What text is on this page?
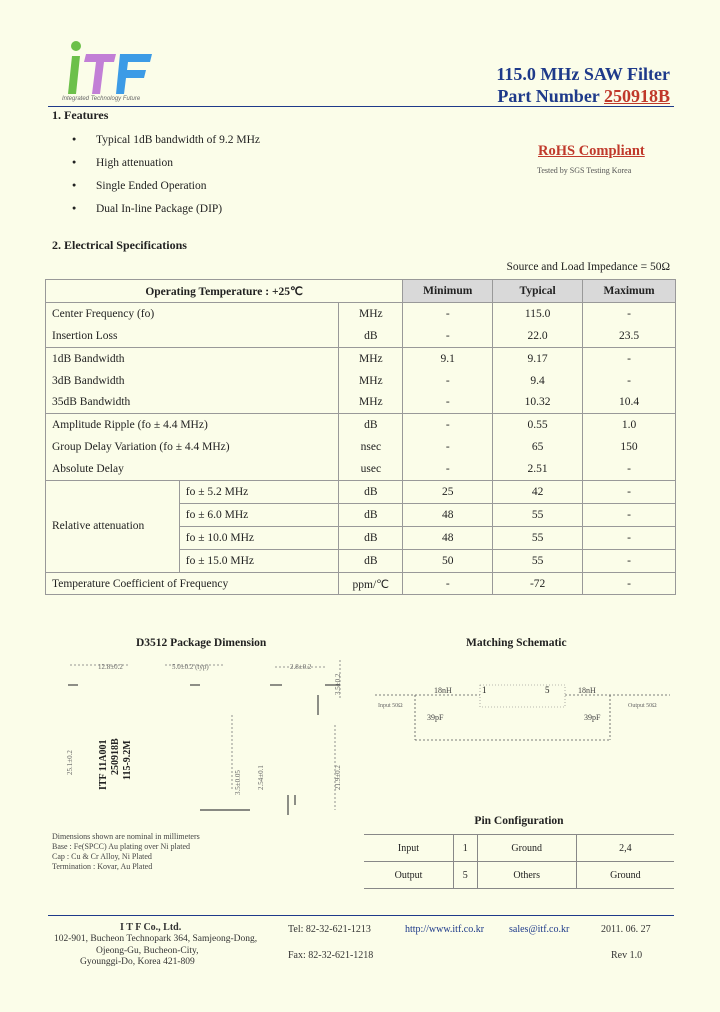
Integrated Technology Future
115.0 MHz SAW Filter
Part Number 250918B
1. Features
● Typical 1dB bandwidth of 9.2 MHz
● High attenuation
● Single Ended Operation
● Dual In-line Package (DIP)
RoHS Compliant
Tested by SGS Testing Korea
2. Electrical Specifications
Source and Load Impedance = 50Ω
Operating Temperature : +25℃			Minimum	Typical	Maximum
Center Frequency (fo)		MHz	-	115.0	-
Insertion Loss		dB	-	22.0	23.5
1dB Bandwidth		MHz	9.1	9.17	-
3dB Bandwidth		MHz	-	9.4	-
35dB Bandwidth		MHz	-	10.32	10.4
Amplitude Ripple (fo ± 4.4 MHz)		dB	-	0.55	1.0
Group Delay Variation (fo ± 4.4 MHz)		nsec	-	65	150
Absolute Delay		usec	-	2.51	-
Relative attenuation	fo ± 5.2 MHz	dB	25	42	-
	fo ± 6.0 MHz	dB	48	55	-
	fo ± 10.0 MHz	dB	48	55	-
	fo ± 15.0 MHz	dB	50	55	-
Temperature Coefficient of Frequency		ppm/℃	-	-72	-
D3512 Package Dimension
12.8±0.2	5.0±0.2 (typ)	2.8±0.2
3.5±0.2
25.1±0.2
21.9±0.2
3.5±0.05 2.54±0.1
ITF 11A001 250918B 115-9.2M
Dimensions shown are nominal in millimeters
Base : Fe(SPCC) Au plating over Ni plated
Cap : Cu & Cr Alloy, Ni Plated
Termination : Kovar, Au Plated
Matching Schematic
18nH	18nH
39pF	39pF
1	5
Input 50Ω	Output 50Ω
Pin Configuration			
Input	1	Ground	2,4
Output	5	Others	Ground
I T F Co., Ltd.
102-901, Bucheon Technopark 364, Samjeong-Dong,
Ojeong-Gu, Bucheon-City,
Gyounggi-Do, Korea 421-809
Tel: 82-32-621-1213
Fax: 82-32-621-1218
http://www.itf.co.kr sales@itf.co.kr	2011. 06. 27
Rev 1.0
